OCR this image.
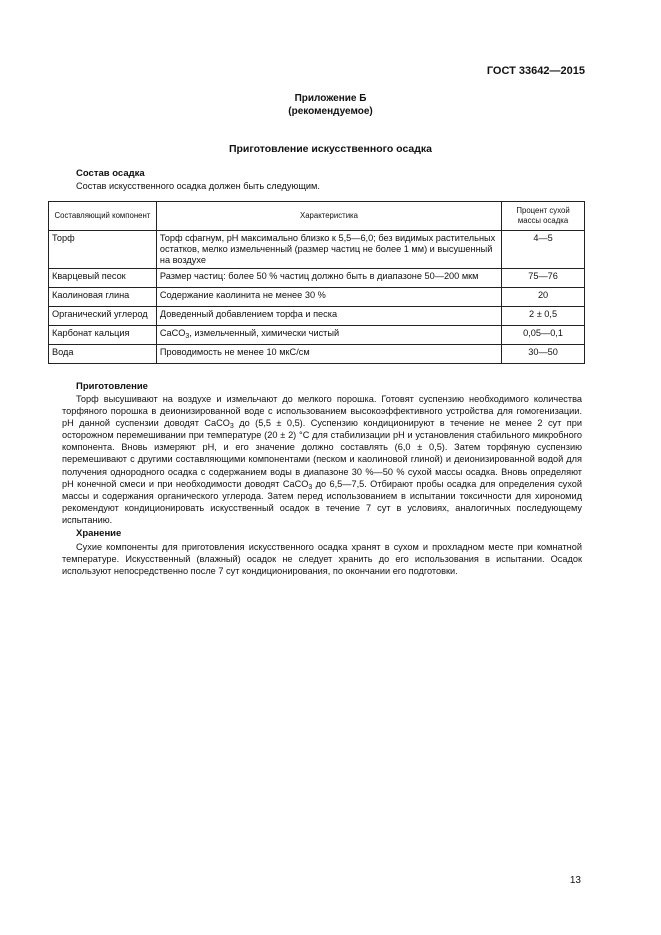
ГОСТ 33642—2015
Приложение Б
(рекомендуемое)
Приготовление искусственного осадка
Состав осадка
Состав искусственного осадка должен быть следующим.
Составляющий компонент	Характеристика	Процент сухой массы осадка
Торф	Торф сфагнум, рН максимально близко к 5,5—6,0; без видимых растительных остатков, мелко измельченный (размер частиц не более 1 мм) и высушенный на воздухе	4—5
Кварцевый песок	Размер частиц: более 50 % частиц должно быть в диапазоне 50—200 мкм	75—76
Каолиновая глина	Содержание каолинита не менее 30 %	20
Органический углерод	Доведенный добавлением торфа и песка	2 ± 0,5
Карбонат кальция	CaCO$_3$, измельченный, химически чистый	0,05—0,1
Вода	Проводимость не менее 10 мкС/см	30—50
Приготовление

Торф высушивают на воздухе и измельчают до мелкого порошка. Готовят суспензию необходимого количества торфяного порошка в деионизированной воде с использованием высокоэффективного устройства для гомогенизации. рН данной суспензии доводят CaCO$_3$ до (5,5 ± 0,5). Суспензию кондиционируют в течение не менее 2 сут при осторожном перемешивании при температуре (20 ± 2) °С для стабилизации рН и установления стабильного микробного компонента. Вновь измеряют рН, и его значение должно составлять (6,0 ± 0,5). Затем торфяную суспензию перемешивают с другими составляющими компонентами (песком и каолиновой глиной) и деионизированной водой для получения однородного осадка с содержанием воды в диапазоне 30 %—50 % сухой массы осадка. Вновь определяют рН конечной смеси и при необходимости доводят CaCO$_3$ до 6,5—7,5. Отбирают пробы осадка для определения сухой массы и содержания органического углерода. Затем перед использованием в испытании токсичности для хирономид рекомендуют кондиционировать искусственный осадок в течение 7 сут в условиях, аналогичных последующему испытанию.

Хранение

Сухие компоненты для приготовления искусственного осадка хранят в сухом и прохладном месте при комнатной температуре. Искусственный (влажный) осадок не следует хранить до его использования в испытании. Осадок используют непосредственно после 7 сут кондиционирования, по окончании его подготовки.

13
